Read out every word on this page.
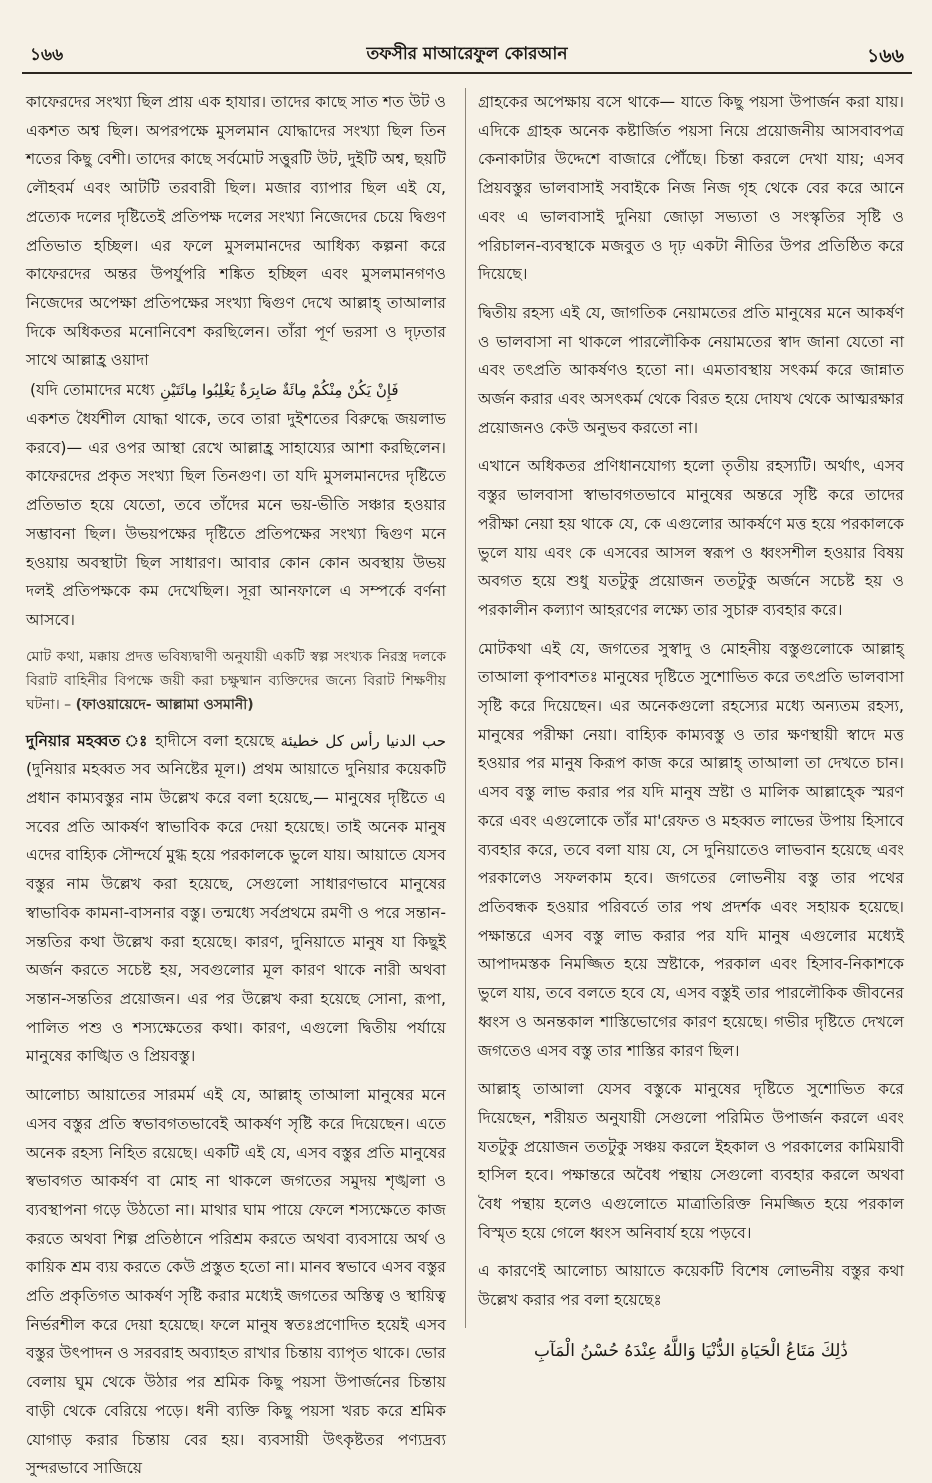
১৬৬	তফসীর মাআরেফুল কোরআন	১৬৬

কাফেরদের সংখ্যা ছিল প্রায় এক হাযার। তাদের কাছে সাত শত উট ও একশত অশ্ব ছিল। অপরপক্ষে মুসলমান যোদ্ধাদের সংখ্যা ছিল তিন শতের কিছু বেশী। তাদের কাছে সর্বমোট সত্তুরটি উট, দুইটি অশ্ব, ছয়টি লৌহবর্ম এবং আটটি তরবারী ছিল। মজার ব্যাপার ছিল এই যে, প্রত্যেক দলের দৃষ্টিতেই প্রতিপক্ষ দলের সংখ্যা নিজেদের চেয়ে দ্বিগুণ প্রতিভাত হচ্ছিল। এর ফলে মুসলমানদের আধিক্য কল্পনা করে কাফেরদের অন্তর উপর্যুপরি শঙ্কিত হচ্ছিল এবং মুসলমানগণও নিজেদের অপেক্ষা প্রতিপক্ষের সংখ্যা দ্বিগুণ দেখে আল্লাহ্ তাআলার দিকে অধিকতর মনোনিবেশ করছিলেন। তাঁরা পূর্ণ ভরসা ও দৃঢ়তার সাথে আল্লাহ্র ওয়াদা

فَإِنْ يَكُنْ مِنْكُمْ مِائَةٌ صَابِرَةٌ يَغْلِبُوا مِائَتَيْنِ (যদি তোমাদের মধ্যে

একশত ধৈর্যশীল যোদ্ধা থাকে, তবে তারা দুইশতের বিরুদ্ধে জয়লাভ করবে)— এর ওপর আস্থা রেখে আল্লাহ্র সাহায্যের আশা করছিলেন। কাফেরদের প্রকৃত সংখ্যা ছিল তিনগুণ। তা যদি মুসলমানদের দৃষ্টিতে প্রতিভাত হয়ে যেতো, তবে তাঁদের মনে ভয়-ভীতি সঞ্চার হওয়ার সম্ভাবনা ছিল। উভয়পক্ষের দৃষ্টিতে প্রতিপক্ষের সংখ্যা দ্বিগুণ মনে হওয়ায় অবস্থাটা ছিল সাধারণ। আবার কোন কোন অবস্থায় উভয় দলই প্রতিপক্ষকে কম দেখেছিল। সূরা আনফালে এ সম্পর্কে বর্ণনা আসবে।

মোট কথা, মক্কায় প্রদত্ত ভবিষ্যদ্বাণী অনুযায়ী একটি স্বল্প সংখ্যক নিরস্ত্র দলকে বিরাট বাহিনীর বিপক্ষে জয়ী করা চক্ষুষ্মান ব্যক্তিদের জন্যে বিরাট শিক্ষণীয় ঘটনা। – (ফাওয়ায়েদে- আল্লামা ওসমানী)

দুনিয়ার মহব্বত ঃ হাদীসে বলা হয়েছে حب الدنيا رأس كل خطيئة (দুনিয়ার মহব্বত সব অনিষ্টের মূল।) প্রথম আয়াতে দুনিয়ার কয়েকটি প্রধান কাম্যবস্তুর নাম উল্লেখ করে বলা হয়েছে,— মানুষের দৃষ্টিতে এ সবের প্রতি আকর্ষণ স্বাভাবিক করে দেয়া হয়েছে। তাই অনেক মানুষ এদের বাহ্যিক সৌন্দর্যে মুগ্ধ হয়ে পরকালকে ভুলে যায়। আয়াতে যেসব বস্তুর নাম উল্লেখ করা হয়েছে, সেগুলো সাধারণভাবে মানুষের স্বাভাবিক কামনা-বাসনার বস্তু। তন্মধ্যে সর্বপ্রথমে রমণী ও পরে সন্তান-সন্ততির কথা উল্লেখ করা হয়েছে। কারণ, দুনিয়াতে মানুষ যা কিছুই অর্জন করতে সচেষ্ট হয়, সবগুলোর মূল কারণ থাকে নারী অথবা সন্তান-সন্ততির প্রয়োজন। এর পর উল্লেখ করা হয়েছে সোনা, রূপা, পালিত পশু ও শস্যক্ষেতের কথা। কারণ, এগুলো দ্বিতীয় পর্যায়ে মানুষের কাঙ্খিত ও প্রিয়বস্তু।

আলোচ্য আয়াতের সারমর্ম এই যে, আল্লাহ্ তাআলা মানুষের মনে এসব বস্তুর প্রতি স্বভাবগতভাবেই আকর্ষণ সৃষ্টি করে দিয়েছেন। এতে অনেক রহস্য নিহিত রয়েছে। একটি এই যে, এসব বস্তুর প্রতি মানুষের স্বভাবগত আকর্ষণ বা মোহ না থাকলে জগতের সমুদয় শৃঙ্খলা ও ব্যবস্থাপনা গড়ে উঠতো না। মাথার ঘাম পায়ে ফেলে শস্যক্ষেতে কাজ করতে অথবা শিল্প প্রতিষ্ঠানে পরিশ্রম করতে অথবা ব্যবসায়ে অর্থ ও কায়িক শ্রম ব্যয় করতে কেউ প্রস্তুত হতো না। মানব স্বভাবে এসব বস্তুর প্রতি প্রকৃতিগত আকর্ষণ সৃষ্টি করার মধ্যেই জগতের অস্তিত্ব ও স্থায়িত্ব নির্ভরশীল করে দেয়া হয়েছে। ফলে মানুষ স্বতঃপ্রণোদিত হয়েই এসব বস্তুর উৎপাদন ও সরবরাহ অব্যাহত রাখার চিন্তায় ব্যাপৃত থাকে। ভোর বেলায় ঘুম থেকে উঠার পর শ্রমিক কিছু পয়সা উপার্জনের চিন্তায় বাড়ী থেকে বেরিয়ে পড়ে। ধনী ব্যক্তি কিছু পয়সা খরচ করে শ্রমিক যোগাড় করার চিন্তায় বের হয়। ব্যবসায়ী উৎকৃষ্টতর পণ্যদ্রব্য সুন্দরভাবে সাজিয়ে

গ্রাহকের অপেক্ষায় বসে থাকে— যাতে কিছু পয়সা উপার্জন করা যায়। এদিকে গ্রাহক অনেক কষ্টার্জিত পয়সা নিয়ে প্রয়োজনীয় আসবাবপত্র কেনাকাটার উদ্দেশে বাজারে পৌঁছে। চিন্তা করলে দেখা যায়; এসব প্রিয়বস্তুর ভালবাসাই সবাইকে নিজ নিজ গৃহ থেকে বের করে আনে এবং এ ভালবাসাই দুনিয়া জোড়া সভ্যতা ও সংস্কৃতির সৃষ্টি ও পরিচালন-ব্যবস্থাকে মজবুত ও দৃঢ় একটা নীতির উপর প্রতিষ্ঠিত করে দিয়েছে।

দ্বিতীয় রহস্য এই যে, জাগতিক নেয়ামতের প্রতি মানুষের মনে আকর্ষণ ও ভালবাসা না থাকলে পারলৌকিক নেয়ামতের স্বাদ জানা যেতো না এবং তৎপ্রতি আকর্ষণও হতো না। এমতাবস্থায় সৎকর্ম করে জান্নাত অর্জন করার এবং অসৎকর্ম থেকে বিরত হয়ে দোযখ থেকে আত্মরক্ষার প্রয়োজনও কেউ অনুভব করতো না।

এখানে অধিকতর প্রণিধানযোগ্য হলো তৃতীয় রহস্যটি। অর্থাৎ, এসব বস্তুর ভালবাসা স্বাভাবগতভাবে মানুষের অন্তরে সৃষ্টি করে তাদের পরীক্ষা নেয়া হয় থাকে যে, কে এগুলোর আকর্ষণে মত্ত হয়ে পরকালকে ভুলে যায় এবং কে এসবের আসল স্বরূপ ও ধ্বংসশীল হওয়ার বিষয় অবগত হয়ে শুধু যতটুকু প্রয়োজন ততটুকু অর্জনে সচেষ্ট হয় ও পরকালীন কল্যাণ আহরণের লক্ষ্যে তার সুচারু ব্যবহার করে।

মোটকথা এই যে, জগতের সুস্বাদু ও মোহনীয় বস্তুগুলোকে আল্লাহ্ তাআলা কৃপাবশতঃ মানুষের দৃষ্টিতে সুশোভিত করে তৎপ্রতি ভালবাসা সৃষ্টি করে দিয়েছেন। এর অনেকগুলো রহস্যের মধ্যে অন্যতম রহস্য, মানুষের পরীক্ষা নেয়া। বাহ্যিক কাম্যবস্তু ও তার ক্ষণস্থায়ী স্বাদে মত্ত হওয়ার পর মানুষ কিরূপ কাজ করে আল্লাহ্ তাআলা তা দেখতে চান। এসব বস্তু লাভ করার পর যদি মানুষ স্রষ্টা ও মালিক আল্লাহ্কে স্মরণ করে এবং এগুলোকে তাঁর মা'রেফত ও মহব্বত লাভের উপায় হিসাবে ব্যবহার করে, তবে বলা যায় যে, সে দুনিয়াতেও লাভবান হয়েছে এবং পরকালেও সফলকাম হবে। জগতের লোভনীয় বস্তু তার পথের প্রতিবন্ধক হওয়ার পরিবর্তে তার পথ প্রদর্শক এবং সহায়ক হয়েছে। পক্ষান্তরে এসব বস্তু লাভ করার পর যদি মানুষ এগুলোর মধ্যেই আপাদমস্তক নিমজ্জিত হয়ে স্রষ্টাকে, পরকাল এবং হিসাব-নিকাশকে ভুলে যায়, তবে বলতে হবে যে, এসব বস্তুই তার পারলৌকিক জীবনের ধ্বংস ও অনন্তকাল শাস্তিভোগের কারণ হয়েছে। গভীর দৃষ্টিতে দেখলে জগতেও এসব বস্তু তার শাস্তির কারণ ছিল।

আল্লাহ্ তাআলা যেসব বস্তুকে মানুষের দৃষ্টিতে সুশোভিত করে দিয়েছেন, শরীয়ত অনুযায়ী সেগুলো পরিমিত উপার্জন করলে এবং যতটুকু প্রয়োজন ততটুকু সঞ্চয় করলে ইহকাল ও পরকালের কামিয়াবী হাসিল হবে। পক্ষান্তরে অবৈধ পন্থায় সেগুলো ব্যবহার করলে অথবা বৈধ পন্থায় হলেও এগুলোতে মাত্রাতিরিক্ত নিমজ্জিত হয়ে পরকাল বিস্মৃত হয়ে গেলে ধ্বংস অনিবার্য হয়ে পড়বে।

এ কারণেই আলোচ্য আয়াতে কয়েকটি বিশেষ লোভনীয় বস্তুর কথা উল্লেখ করার পর বলা হয়েছেঃ

ذَٰلِكَ مَتَاعُ الْحَيَاةِ الدُّنْيَا وَاللَّهُ عِنْدَهُ حُسْنُ الْمَآبِ
